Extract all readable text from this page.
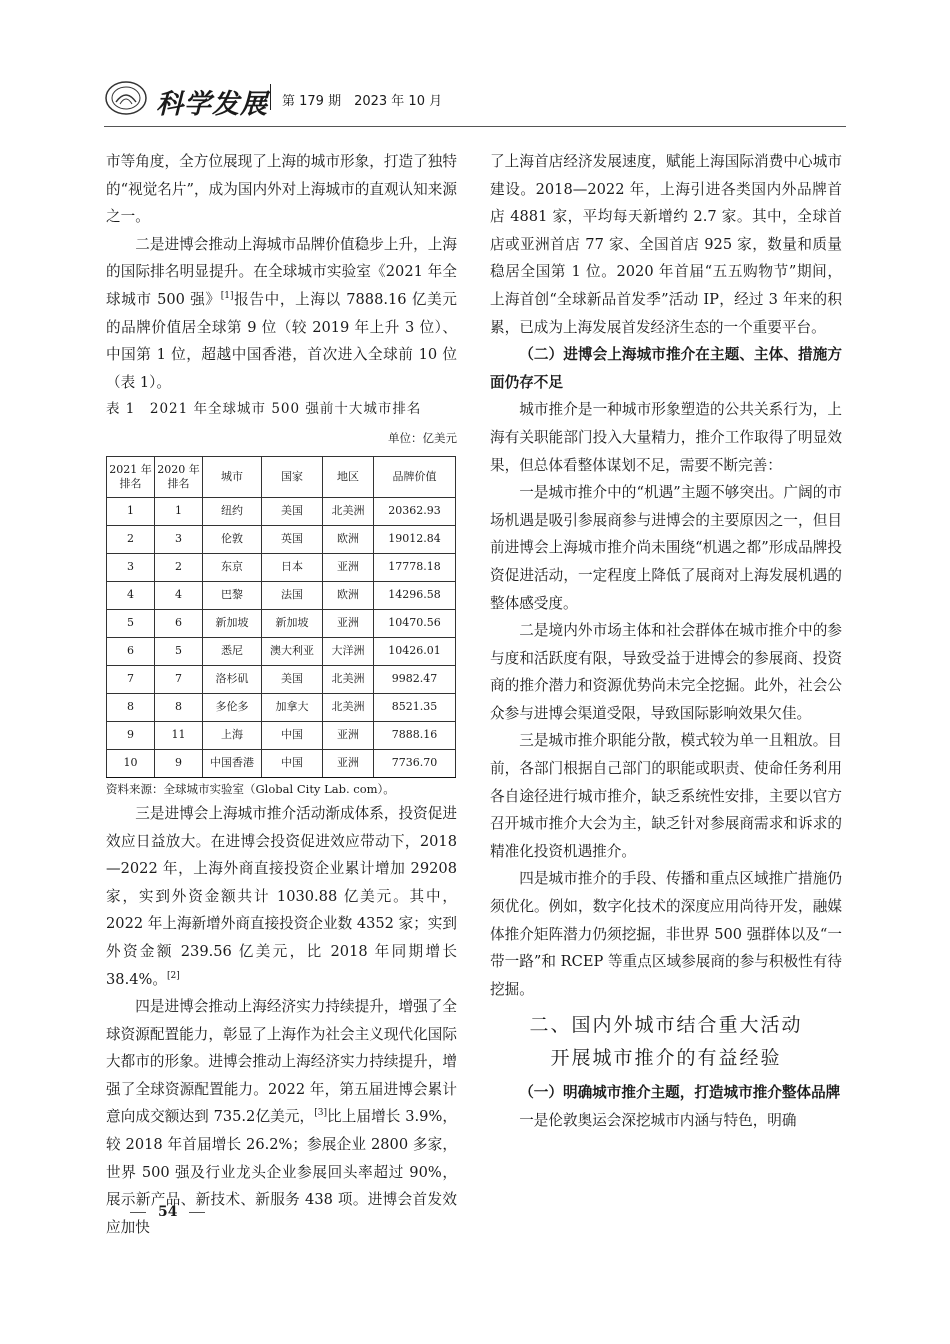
科学发展 第 179 期　2023 年 10 月

市等角度，全方位展现了上海的城市形象，打造了独特的“视觉名片”，成为国内外对上海城市的直观认知来源之一。

二是进博会推动上海城市品牌价值稳步上升，上海的国际排名明显提升。在全球城市实验室《2021 年全球城市 500 强》[1]报告中，上海以 7888.16 亿美元的品牌价值居全球第 9 位（较 2019 年上升 3 位）、中国第 1 位，超越中国香港，首次进入全球前 10 位（表 1）。

表 1　2021 年全球城市 500 强前十大城市排名

单位：亿美元

2021 年排名	2020 年排名	城市	国家	地区	品牌价值
1	1	纽约	美国	北美洲	20362.93
2	3	伦敦	英国	欧洲	19012.84
3	2	东京	日本	亚洲	17778.18
4	4	巴黎	法国	欧洲	14296.58
5	6	新加坡	新加坡	亚洲	10470.56
6	5	悉尼	澳大利亚	大洋洲	10426.01
7	7	洛杉矶	美国	北美洲	9982.47
8	8	多伦多	加拿大	北美洲	8521.35
9	11	上海	中国	亚洲	7888.16
10	9	中国香港	中国	亚洲	7736.70

资料来源：全球城市实验室（Global City Lab. com）。

三是进博会上海城市推介活动渐成体系，投资促进效应日益放大。在进博会投资促进效应带动下，2018—2022 年，上海外商直接投资企业累计增加 29208 家，实到外资金额共计 1030.88 亿美元。其中，2022 年上海新增外商直接投资企业数 4352 家；实到外资金额 239.56 亿美元，比 2018 年同期增长 38.4%。[2]

四是进博会推动上海经济实力持续提升，增强了全球资源配置能力，彰显了上海作为社会主义现代化国际大都市的形象。进博会推动上海经济实力持续提升，增强了全球资源配置能力。2022 年，第五届进博会累计意向成交额达到 735.2亿美元，[3]比上届增长 3.9%，较 2018 年首届增长 26.2%；参展企业 2800 多家，世界 500 强及行业龙头企业参展回头率超过 90%，展示新产品、新技术、新服务 438 项。进博会首发效应加快

了上海首店经济发展速度，赋能上海国际消费中心城市建设。2018—2022 年，上海引进各类国内外品牌首店 4881 家，平均每天新增约 2.7 家。其中，全球首店或亚洲首店 77 家、全国首店 925 家，数量和质量稳居全国第 1 位。2020 年首届“五五购物节”期间，上海首创“全球新品首发季”活动 IP，经过 3 年来的积累，已成为上海发展首发经济生态的一个重要平台。

（二）进博会上海城市推介在主题、主体、措施方面仍存不足

城市推介是一种城市形象塑造的公共关系行为，上海有关职能部门投入大量精力，推介工作取得了明显效果，但总体看整体谋划不足，需要不断完善：

一是城市推介中的“机遇”主题不够突出。广阔的市场机遇是吸引参展商参与进博会的主要原因之一，但目前进博会上海城市推介尚未围绕“机遇之都”形成品牌投资促进活动，一定程度上降低了展商对上海发展机遇的整体感受度。

二是境内外市场主体和社会群体在城市推介中的参与度和活跃度有限，导致受益于进博会的参展商、投资商的推介潜力和资源优势尚未完全挖掘。此外，社会公众参与进博会渠道受限，导致国际影响效果欠佳。

三是城市推介职能分散，模式较为单一且粗放。目前，各部门根据自己部门的职能或职责、使命任务利用各自途径进行城市推介，缺乏系统性安排，主要以官方召开城市推介大会为主，缺乏针对参展商需求和诉求的精准化投资机遇推介。

四是城市推介的手段、传播和重点区域推广措施仍须优化。例如，数字化技术的深度应用尚待开发，融媒体推介矩阵潜力仍须挖掘，非世界 500 强群体以及“一带一路”和 RCEP 等重点区域参展商的参与积极性有待挖掘。

二、国内外城市结合重大活动

开展城市推介的有益经验

（一）明确城市推介主题，打造城市推介整体品牌

一是伦敦奥运会深挖城市内涵与特色，明确

54
